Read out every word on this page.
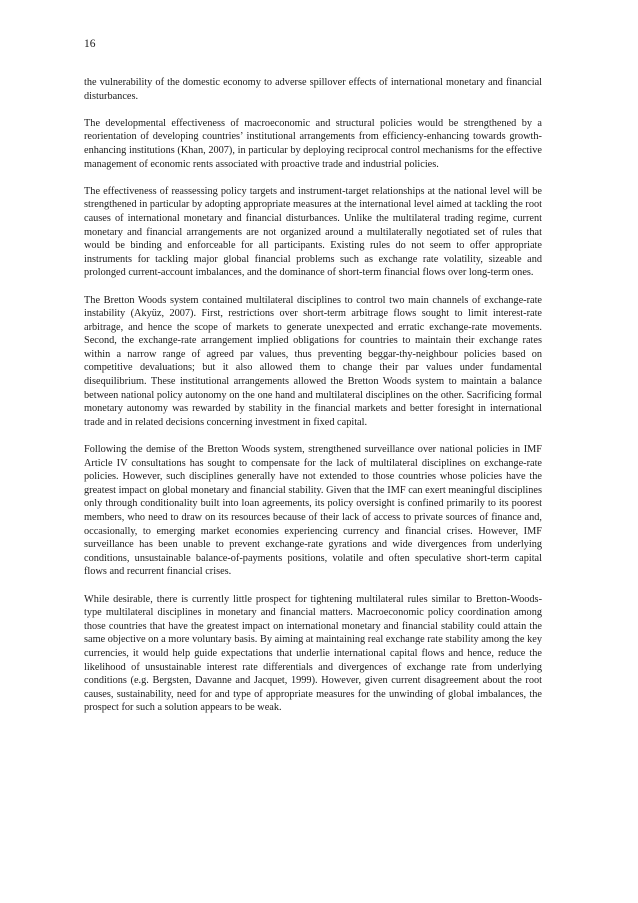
16

the vulnerability of the domestic economy to adverse spillover effects of international monetary and financial disturbances.

The developmental effectiveness of macroeconomic and structural policies would be strengthened by a reorientation of developing countries’ institutional arrangements from efficiency-enhancing towards growth-enhancing institutions (Khan, 2007), in particular by deploying reciprocal control mechanisms for the effective management of economic rents associated with proactive trade and industrial policies.

The effectiveness of reassessing policy targets and instrument-target relationships at the national level will be strengthened in particular by adopting appropriate measures at the international level aimed at tackling the root causes of international monetary and financial disturbances. Unlike the multilateral trading regime, current monetary and financial arrangements are not organized around a multilaterally negotiated set of rules that would be binding and enforceable for all participants. Existing rules do not seem to offer appropriate instruments for tackling major global financial problems such as exchange rate volatility, sizeable and prolonged current-account imbalances, and the dominance of short-term financial flows over long-term ones.

The Bretton Woods system contained multilateral disciplines to control two main channels of exchange-rate instability (Akyüz, 2007). First, restrictions over short-term arbitrage flows sought to limit interest-rate arbitrage, and hence the scope of markets to generate unexpected and erratic exchange-rate movements. Second, the exchange-rate arrangement implied obligations for countries to maintain their exchange rates within a narrow range of agreed par values, thus preventing beggar-thy-neighbour policies based on competitive devaluations; but it also allowed them to change their par values under fundamental disequilibrium. These institutional arrangements allowed the Bretton Woods system to maintain a balance between national policy autonomy on the one hand and multilateral disciplines on the other. Sacrificing formal monetary autonomy was rewarded by stability in the financial markets and better foresight in international trade and in related decisions concerning investment in fixed capital.

Following the demise of the Bretton Woods system, strengthened surveillance over national policies in IMF Article IV consultations has sought to compensate for the lack of multilateral disciplines on exchange-rate policies. However, such disciplines generally have not extended to those countries whose policies have the greatest impact on global monetary and financial stability. Given that the IMF can exert meaningful disciplines only through conditionality built into loan agreements, its policy oversight is confined primarily to its poorest members, who need to draw on its resources because of their lack of access to private sources of finance and, occasionally, to emerging market economies experiencing currency and financial crises. However, IMF surveillance has been unable to prevent exchange-rate gyrations and wide divergences from underlying conditions, unsustainable balance-of-payments positions, volatile and often speculative short-term capital flows and recurrent financial crises.

While desirable, there is currently little prospect for tightening multilateral rules similar to Bretton-Woods-type multilateral disciplines in monetary and financial matters. Macroeconomic policy coordination among those countries that have the greatest impact on international monetary and financial stability could attain the same objective on a more voluntary basis. By aiming at maintaining real exchange rate stability among the key currencies, it would help guide expectations that underlie international capital flows and hence, reduce the likelihood of unsustainable interest rate differentials and divergences of exchange rate from underlying conditions (e.g. Bergsten, Davanne and Jacquet, 1999). However, given current disagreement about the root causes, sustainability, need for and type of appropriate measures for the unwinding of global imbalances, the prospect for such a solution appears to be weak.
